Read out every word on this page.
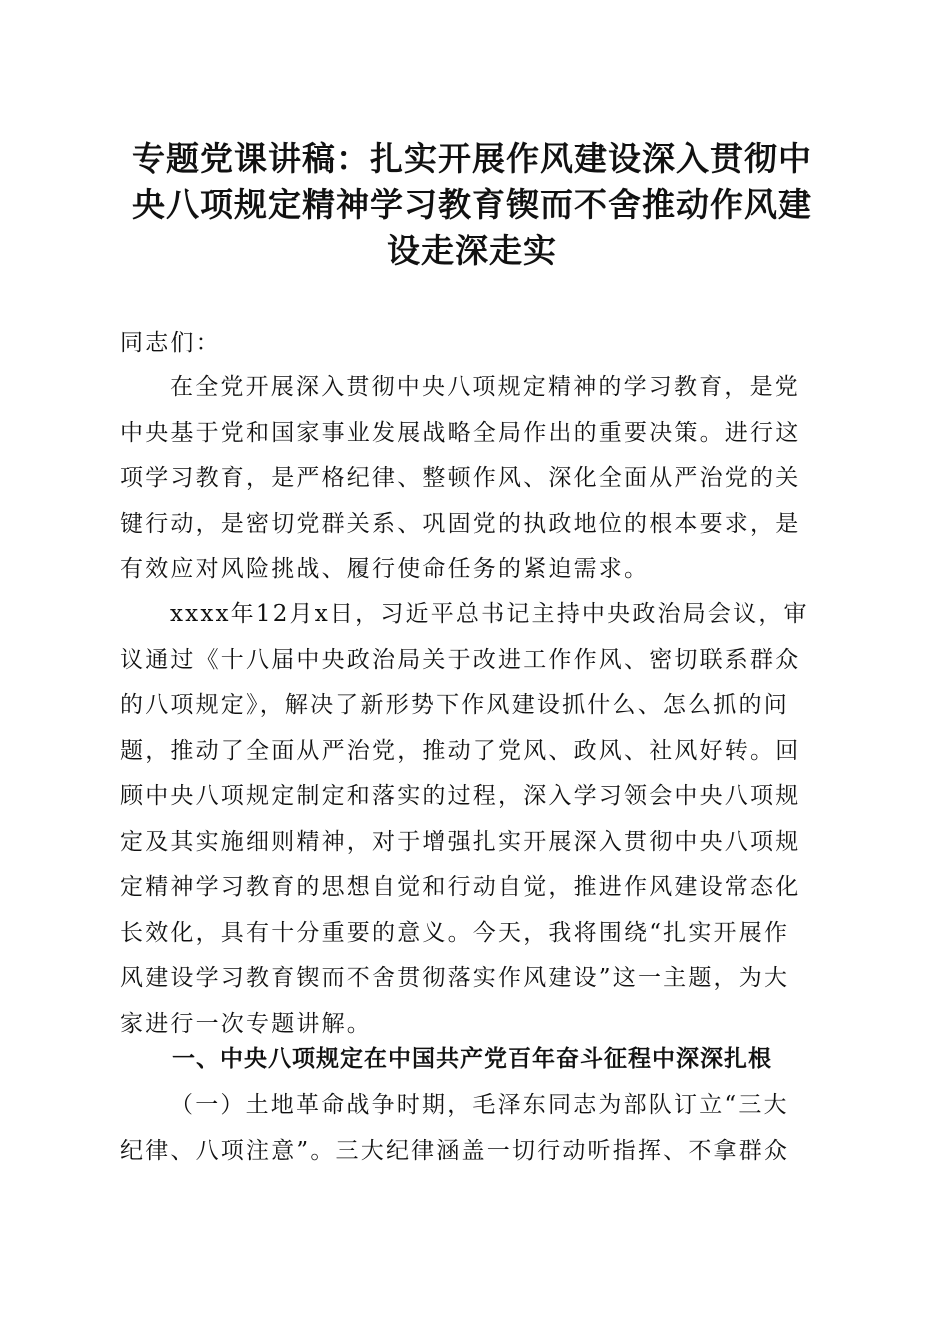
专题党课讲稿：扎实开展作风建设深入贯彻中
央八项规定精神学习教育锲而不舍推动作风建
设走深走实

同志们：

在全党开展深入贯彻中央八项规定精神的学习教育，是党
中央基于党和国家事业发展战略全局作出的重要决策。进行这
项学习教育，是严格纪律、整顿作风、深化全面从严治党的关
键行动，是密切党群关系、巩固党的执政地位的根本要求，是
有效应对风险挑战、履行使命任务的紧迫需求。

xxxx年12月x日，习近平总书记主持中央政治局会议，审
议通过《十八届中央政治局关于改进工作作风、密切联系群众
的八项规定》，解决了新形势下作风建设抓什么、怎么抓的问
题，推动了全面从严治党，推动了党风、政风、社风好转。回
顾中央八项规定制定和落实的过程，深入学习领会中央八项规
定及其实施细则精神，对于增强扎实开展深入贯彻中央八项规
定精神学习教育的思想自觉和行动自觉，推进作风建设常态化
长效化，具有十分重要的意义。今天，我将围绕“扎实开展作
风建设学习教育锲而不舍贯彻落实作风建设”这一主题，为大
家进行一次专题讲解。

一、中央八项规定在中国共产党百年奋斗征程中深深扎根

（一）土地革命战争时期，毛泽东同志为部队订立“三大
纪律、八项注意”。三大纪律涵盖一切行动听指挥、不拿群众
